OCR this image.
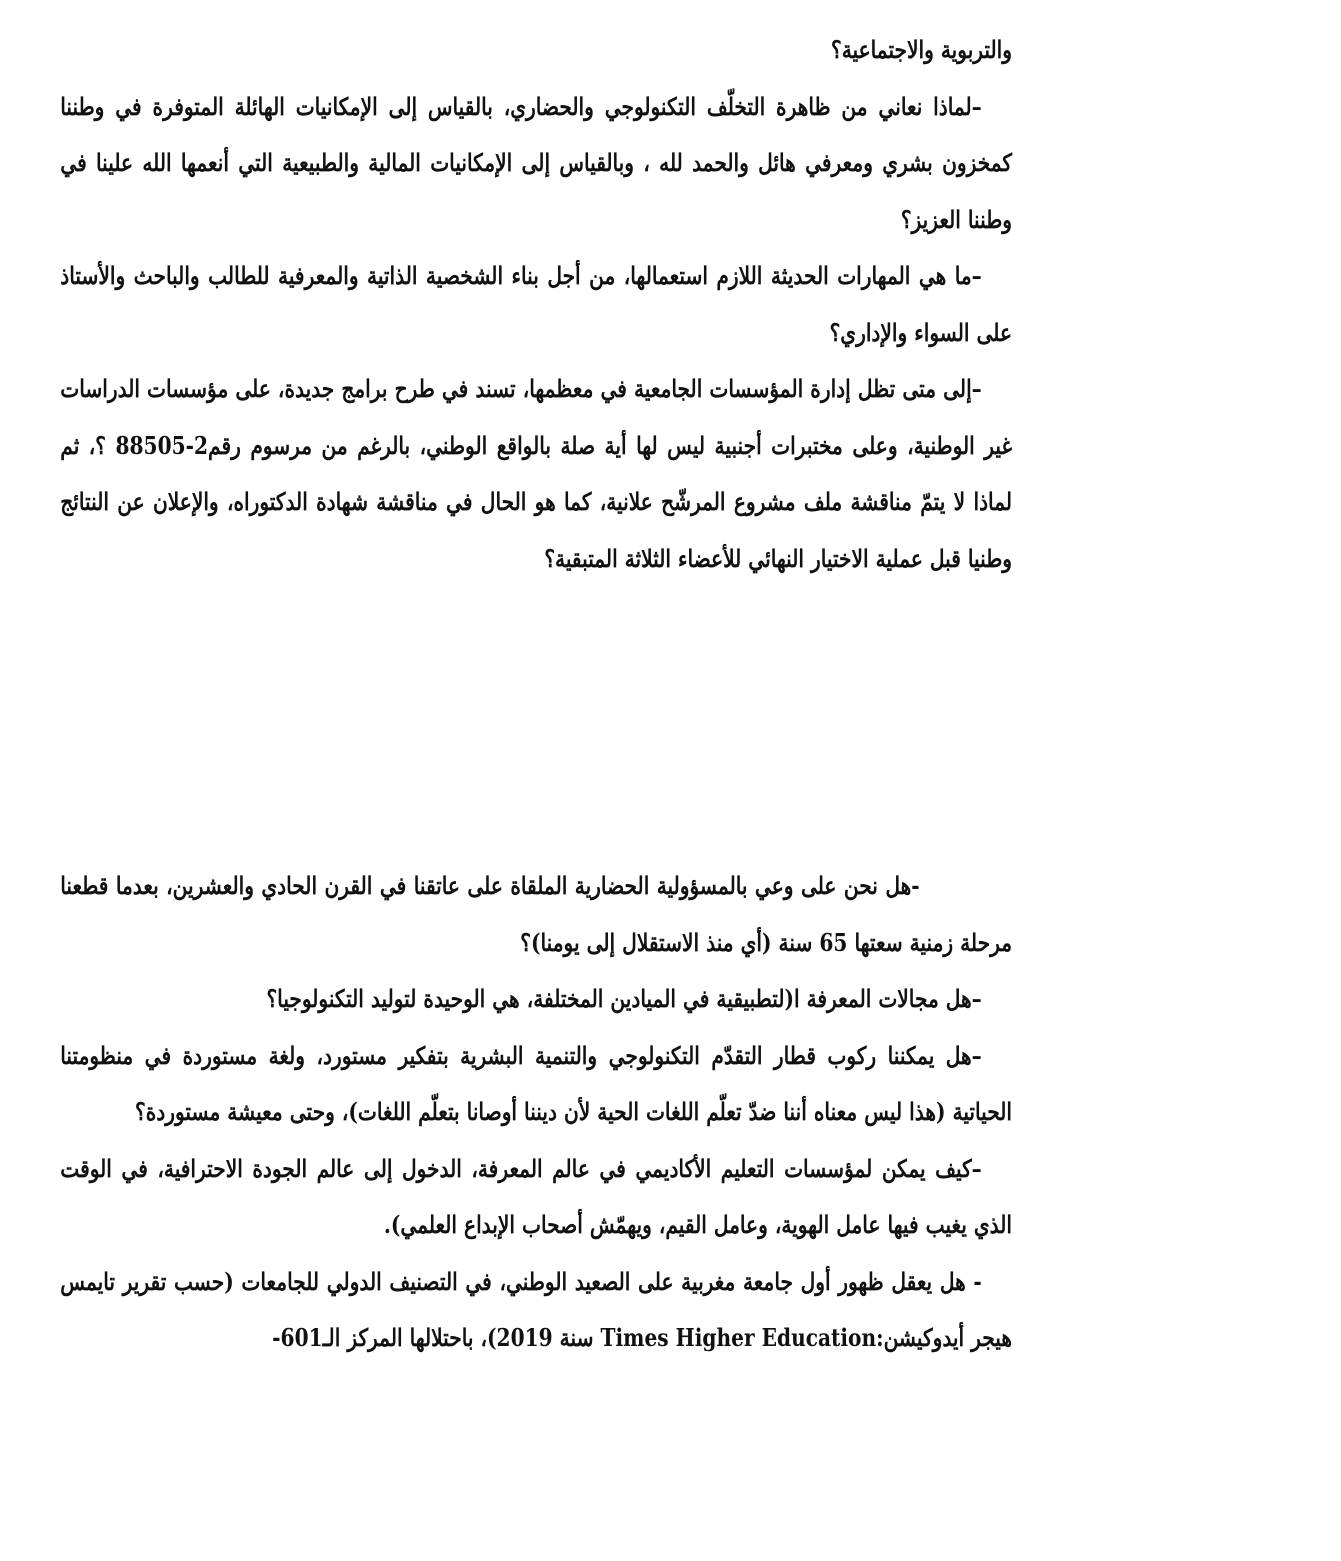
والتربوية والاجتماعية؟

–لماذا نعاني من ظاهرة التخلّف التكنولوجي والحضاري، بالقياس إلى الإمكانيات الهائلة المتوفرة في وطننا كمخزون بشري ومعرفي هائل والحمد لله ، وبالقياس إلى الإمكانيات المالية والطبيعية التي أنعمها الله علينا في وطننا العزيز؟

–ما هي المهارات الحديثة اللازم استعمالها، من أجل بناء الشخصية الذاتية والمعرفية للطالب والباحث والأستاذ على السواء والإداري؟

–إلى متى تظل إدارة المؤسسات الجامعية في معظمها، تسند في طرح برامج جديدة، على مؤسسات الدراسات غير الوطنية، وعلى مختبرات أجنبية ليس لها أية صلة بالواقع الوطني، بالرغم من مرسوم رقم2-88505 ؟، ثم لماذا لا يتمّ مناقشة ملف مشروع المرشّح علانية، كما هو الحال في مناقشة شهادة الدكتوراه، والإعلان عن النتائج وطنيا قبل عملية الاختيار النهائي للأعضاء الثلاثة المتبقية؟

-هل نحن على وعي بالمسؤولية الحضارية الملقاة على عاتقنا في القرن الحادي والعشرين، بعدما قطعنا مرحلة زمنية سعتها 65 سنة (أي منذ الاستقلال إلى يومنا)؟

–هل مجالات المعرفة ا(لتطبيقية في الميادين المختلفة، هي الوحيدة لتوليد التكنولوجيا؟

–هل يمكننا ركوب قطار التقدّم التكنولوجي والتنمية البشرية بتفكير مستورد، ولغة مستوردة في منظومتنا الحياتية (هذا ليس معناه أننا ضدّ تعلّم اللغات الحية لأن ديننا أوصانا بتعلّم اللغات)، وحتى معيشة مستوردة؟

–كيف يمكن لمؤسسات التعليم الأكاديمي في عالم المعرفة، الدخول إلى عالم الجودة الاحترافية، في الوقت الذي يغيب فيها عامل الهوية، وعامل القيم، ويهمّش أصحاب الإبداع العلمي).

- هل يعقل ظهور أول جامعة مغربية على الصعيد الوطني، في التصنيف الدولي للجامعات (حسب تقرير تايمس هيجر أيدوكيشن:Times Higher Education سنة 2019)، باحتلالها المركز الـ601-
